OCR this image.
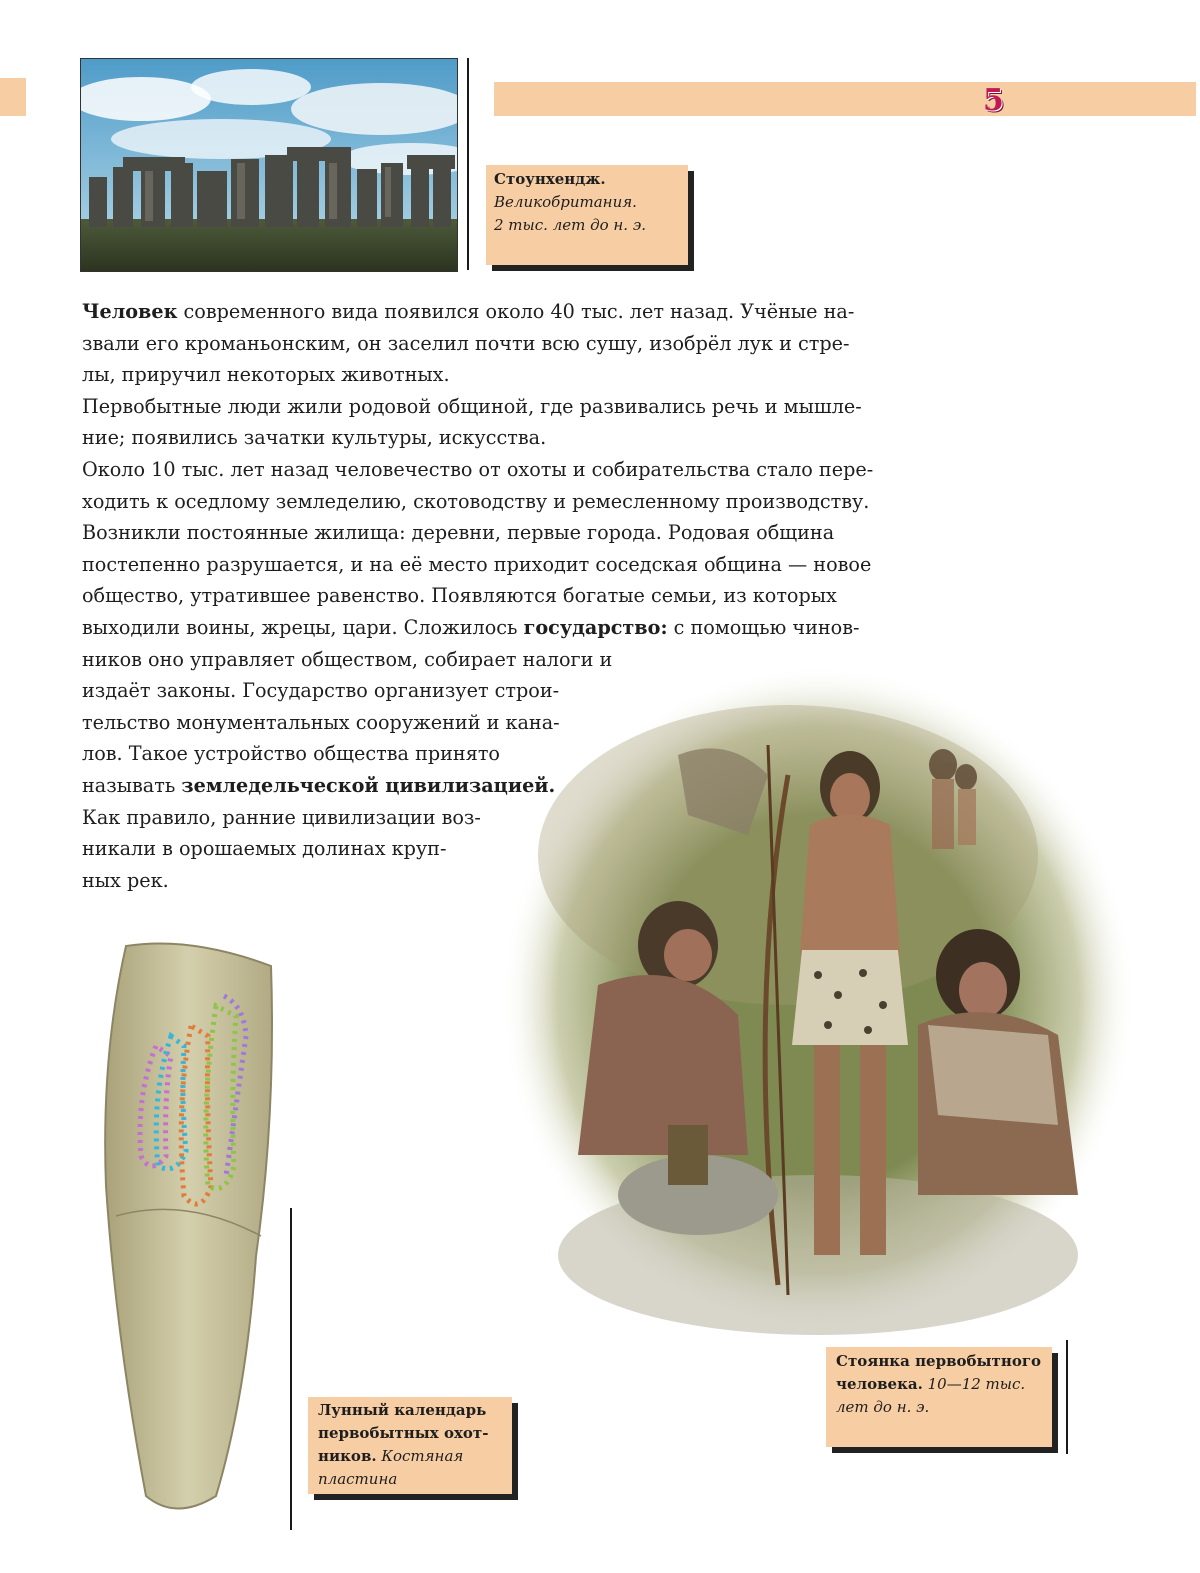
5
Стоунхендж.
Великобритания.
2 тыс. лет до н. э.
Человек современного вида появился около 40 тыс. лет назад. Учёные на-
звали его кроманьонским, он заселил почти всю сушу, изобрёл лук и стре-
лы, приручил некоторых животных.
Первобытные люди жили родовой общиной, где развивались речь и мышле-
ние; появились зачатки культуры, искусства.
Около 10 тыс. лет назад человечество от охоты и собирательства стало пере-
ходить к оседлому земледелию, скотоводству и ремесленному производству.
Возникли постоянные жилища: деревни, первые города. Родовая община
постепенно разрушается, и на её место приходит соседская община — новое
общество, утратившее равенство. Появляются богатые семьи, из которых
выходили воины, жрецы, цари. Сложилось государство: с помощью чинов-
ников оно управляет обществом, собирает налоги и
издаёт законы. Государство организует строи-
тельство монументальных сооружений и кана-
лов. Такое устройство общества принято
называть земледельческой цивилизацией.
Как правило, ранние цивилизации воз-
никали в орошаемых долинах круп-
ных рек.
Лунный календарь
первобытных охот-
ников. Костяная
пластина
Стоянка первобытного
человека. 10—12 тыс.
лет до н. э.
